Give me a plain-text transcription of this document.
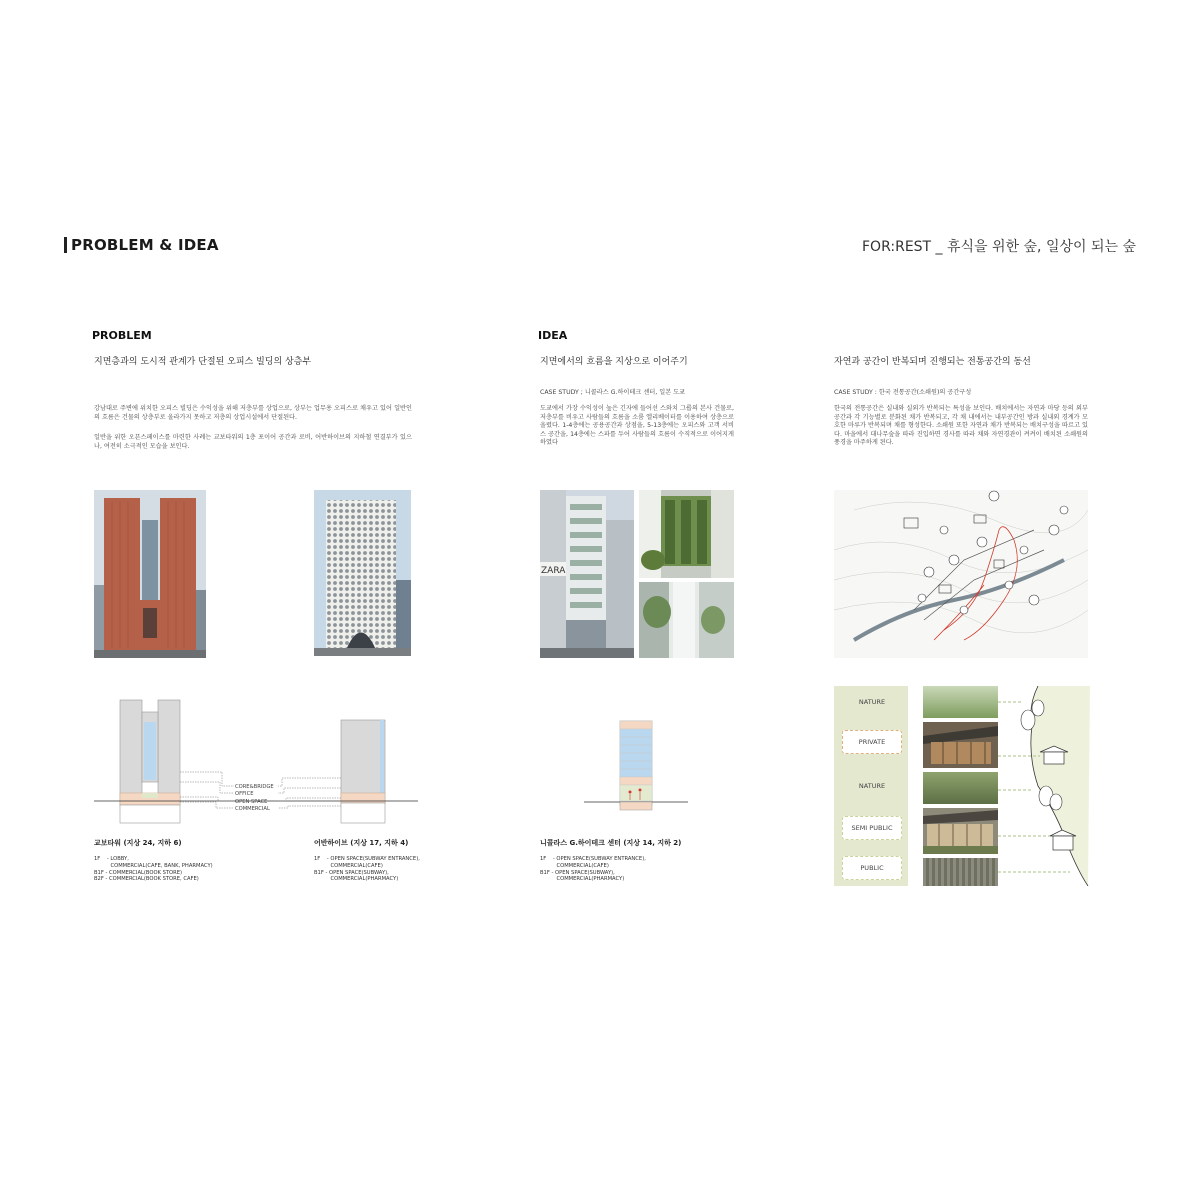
PROBLEM & IDEA	FOR:REST _ 휴식을 위한 숲, 일상이 되는 숲
PROBLEM
지면층과의 도시적 관계가 단절된 오피스 빌딩의 상층부
강남대로 주변에 위치한 오피스 빌딩은 수익성을 위해 저층부를 상업으로, 상부는 업무용 오피스로 채우고 있어 일반인의 흐름은 건물의 상층부로 올라가지 못하고 저층의 상업시설에서 단절된다.
일반을 위한 오픈스페이스를 마련한 사례는 교보타워의 1층 포이어 공간과 로비, 어반하이브의 지하철 연결부가 있으나, 여전히 소극적인 모습을 보인다.
CORE&BRIDGE
OFFICE
OPEN SPACE
COMMERCIAL
교보타워 (지상 24, 지하 6)
1F    - LOBBY,
COMMERCIAL(CAFE, BANK, PHARMACY)
B1F - COMMERCIAL(BOOK STORE)
B2F - COMMERCIAL(BOOK STORE, CAFE)
어반하이브 (지상 17, 지하 4)
1F    - OPEN SPACE(SUBWAY ENTRANCE),
COMMERCIAL(CAFE)
B1F - OPEN SPACE(SUBWAY),
COMMERCIAL(PHARMACY)
IDEA
지면에서의 흐름을 지상으로 이어주기
CASE STUDY ; 니콜라스 G.하이테크 센터, 일본 도쿄
도쿄에서 가장 수익성이 높은 긴자에 들어선 스와치 그룹의 본사 건물로, 저층부를 비우고 사람들의 흐름을 소룸 엘리베이터를 이용하여 상층으로 올렸다. 1-4층에는 공용공간과 상점을, 5-13층에는 오피스와 고객 서비스 공간을, 14층에는 스파를 두어 사람들의 흐름이 수직적으로 이어지게 하였다
ZARA
니콜라스 G.하이테크 센터 (지상 14, 지하 2)
1F    - OPEN SPACE(SUBWAY ENTRANCE),
COMMERCIAL(CAFE)
B1F - OPEN SPACE(SUBWAY),
COMMERCIAL(PHARMACY)
자연과 공간이 반복되며 진행되는 전통공간의 동선
CASE STUDY : 한국 전통공간(소쇄원)의 공간구성
한국의 전통공간은 실내와 실외가 반복되는 특성을 보인다. 배치에서는 자연과 마당 등의 외부공간과 각 기능별로 분화된 채가 반복되고, 각 채 내에서는 내부공간인 방과 실내외 경계가 모호한 마루가 반복되며 채를 형성한다. 소쇄원 또한 자연과 채가 반복되는 배치구성을 따르고 있다. 마을에서 대나무숲을 따라 진입하면 경사를 따라 채와 자연경관이 켜켜이 배치된 소쇄원의 풍경을 마주하게 된다.
NATURE
PRIVATE
NATURE
SEMI PUBLIC
PUBLIC
